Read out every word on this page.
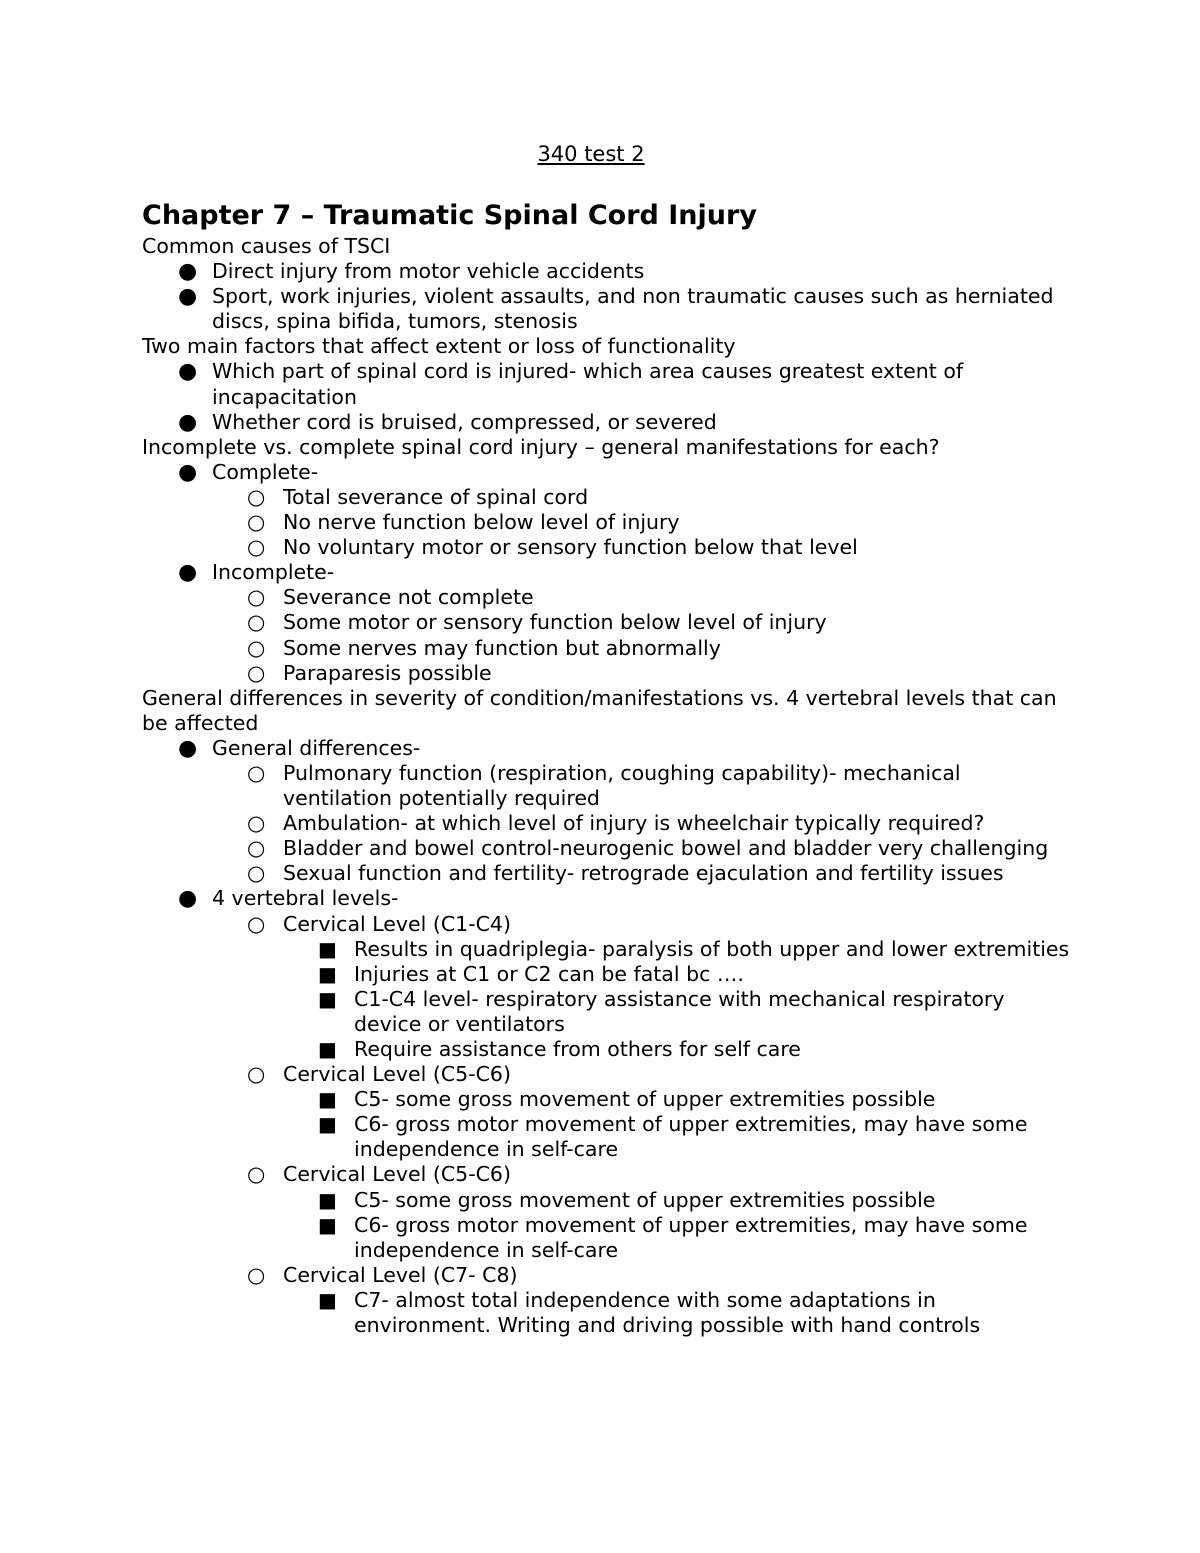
340 test 2
Chapter 7 – Traumatic Spinal Cord Injury
Common causes of TSCI
● Direct injury from motor vehicle accidents
● Sport, work injuries, violent assaults, and non traumatic causes such as herniated discs, spina bifida, tumors, stenosis
Two main factors that affect extent or loss of functionality
● Which part of spinal cord is injured- which area causes greatest extent of incapacitation
● Whether cord is bruised, compressed, or severed
Incomplete vs. complete spinal cord injury – general manifestations for each?
● Complete-
○ Total severance of spinal cord
○ No nerve function below level of injury
○ No voluntary motor or sensory function below that level
● Incomplete-
○ Severance not complete
○ Some motor or sensory function below level of injury
○ Some nerves may function but abnormally
○ Paraparesis possible
General differences in severity of condition/manifestations vs. 4 vertebral levels that can be affected
● General differences-
○ Pulmonary function (respiration, coughing capability)- mechanical ventilation potentially required
○ Ambulation- at which level of injury is wheelchair typically required?
○ Bladder and bowel control-neurogenic bowel and bladder very challenging
○ Sexual function and fertility- retrograde ejaculation and fertility issues
● 4 vertebral levels-
○ Cervical Level (C1-C4)
■ Results in quadriplegia- paralysis of both upper and lower extremities
■ Injuries at C1 or C2 can be fatal bc ….
■ C1-C4 level- respiratory assistance with mechanical respiratory device or ventilators
■ Require assistance from others for self care
○ Cervical Level (C5-C6)
■ C5- some gross movement of upper extremities possible
■ C6- gross motor movement of upper extremities, may have some independence in self-care
○ Cervical Level (C5-C6)
■ C5- some gross movement of upper extremities possible
■ C6- gross motor movement of upper extremities, may have some independence in self-care
○ Cervical Level (C7- C8)
■ C7- almost total independence with some adaptations in environment. Writing and driving possible with hand controls
